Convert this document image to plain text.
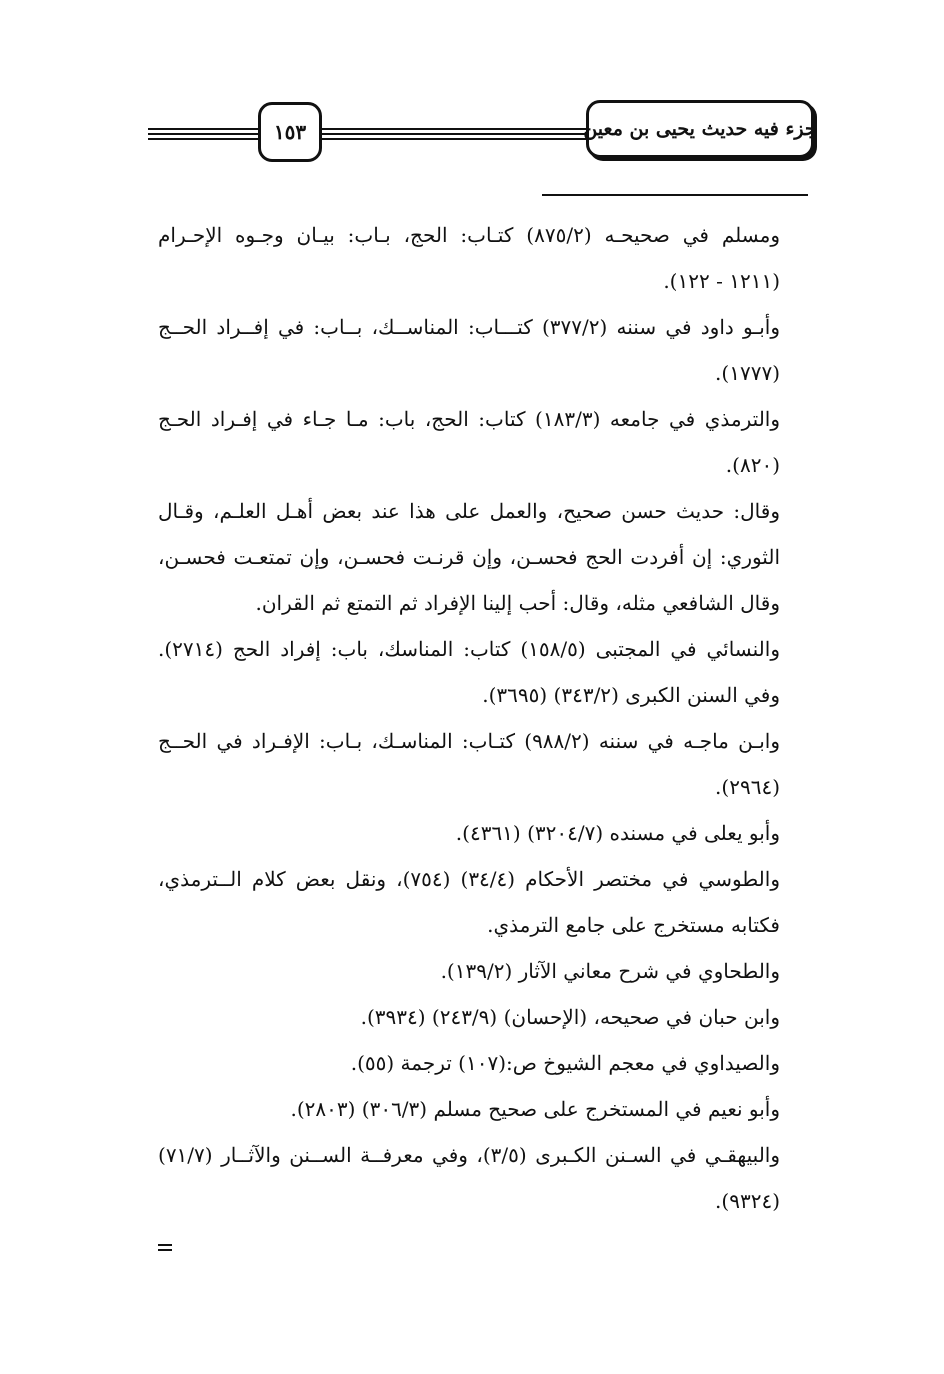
١٥٣	جزء فيه حديث يحيى بن معين
ومسلم في صحيحـه (٨٧٥/٢) كتـاب: الحج، بـاب: بيـان وجـوه الإحـرام
(١٢١١ - ١٢٢).
وأبـو داود في سننه (٣٧٧/٢) كتـــاب: المناســك، بــاب: في إفــراد الحــج
(١٧٧٧).
والترمذي في جامعه (١٨٣/٣) كتاب: الحج، باب: مـا جـاء في إفـراد الحـج
(٨٢٠).
وقال: حديث حسن صحيح، والعمل على هذا عند بعض أهـل العلـم، وقـال
الثوري: إن أفردت الحج فحسـن، وإن قرنـت فحسـن، وإن تمتعـت فحسـن،
وقال الشافعي مثله، وقال: أحب إلينا الإفراد ثم التمتع ثم القران.
والنسائي في المجتبى (١٥٨/٥) كتاب: المناسك، باب: إفراد الحج (٢٧١٤).
وفي السنن الكبرى (٣٤٣/٢) (٣٦٩٥).
وابـن ماجـه في سننه (٩٨٨/٢) كتـاب: المناسـك، بـاب: الإفـراد في الحــج
(٢٩٦٤).
وأبو يعلى في مسنده (٣٢٠٤/٧) (٤٣٦١).
والطوسي في مختصر الأحكام (٣٤/٤) (٧٥٤)، ونقل بعض كلام الــترمذي،
فكتابه مستخرج على جامع الترمذي.
والطحاوي في شرح معاني الآثار (١٣٩/٢).
وابن حبان في صحيحه، (الإحسان) (٢٤٣/٩) (٣٩٣٤).
والصيداوي في معجم الشيوخ ص:(١٠٧) ترجمة (٥٥).
وأبو نعيم في المستخرج على صحيح مسلم (٣٠٦/٣) (٢٨٠٣).
والبيهقـي في السـنن الكـبرى (٣/٥)، وفي معرفــة الســنن والآثــار (٧١/٧)
(٩٣٢٤).
